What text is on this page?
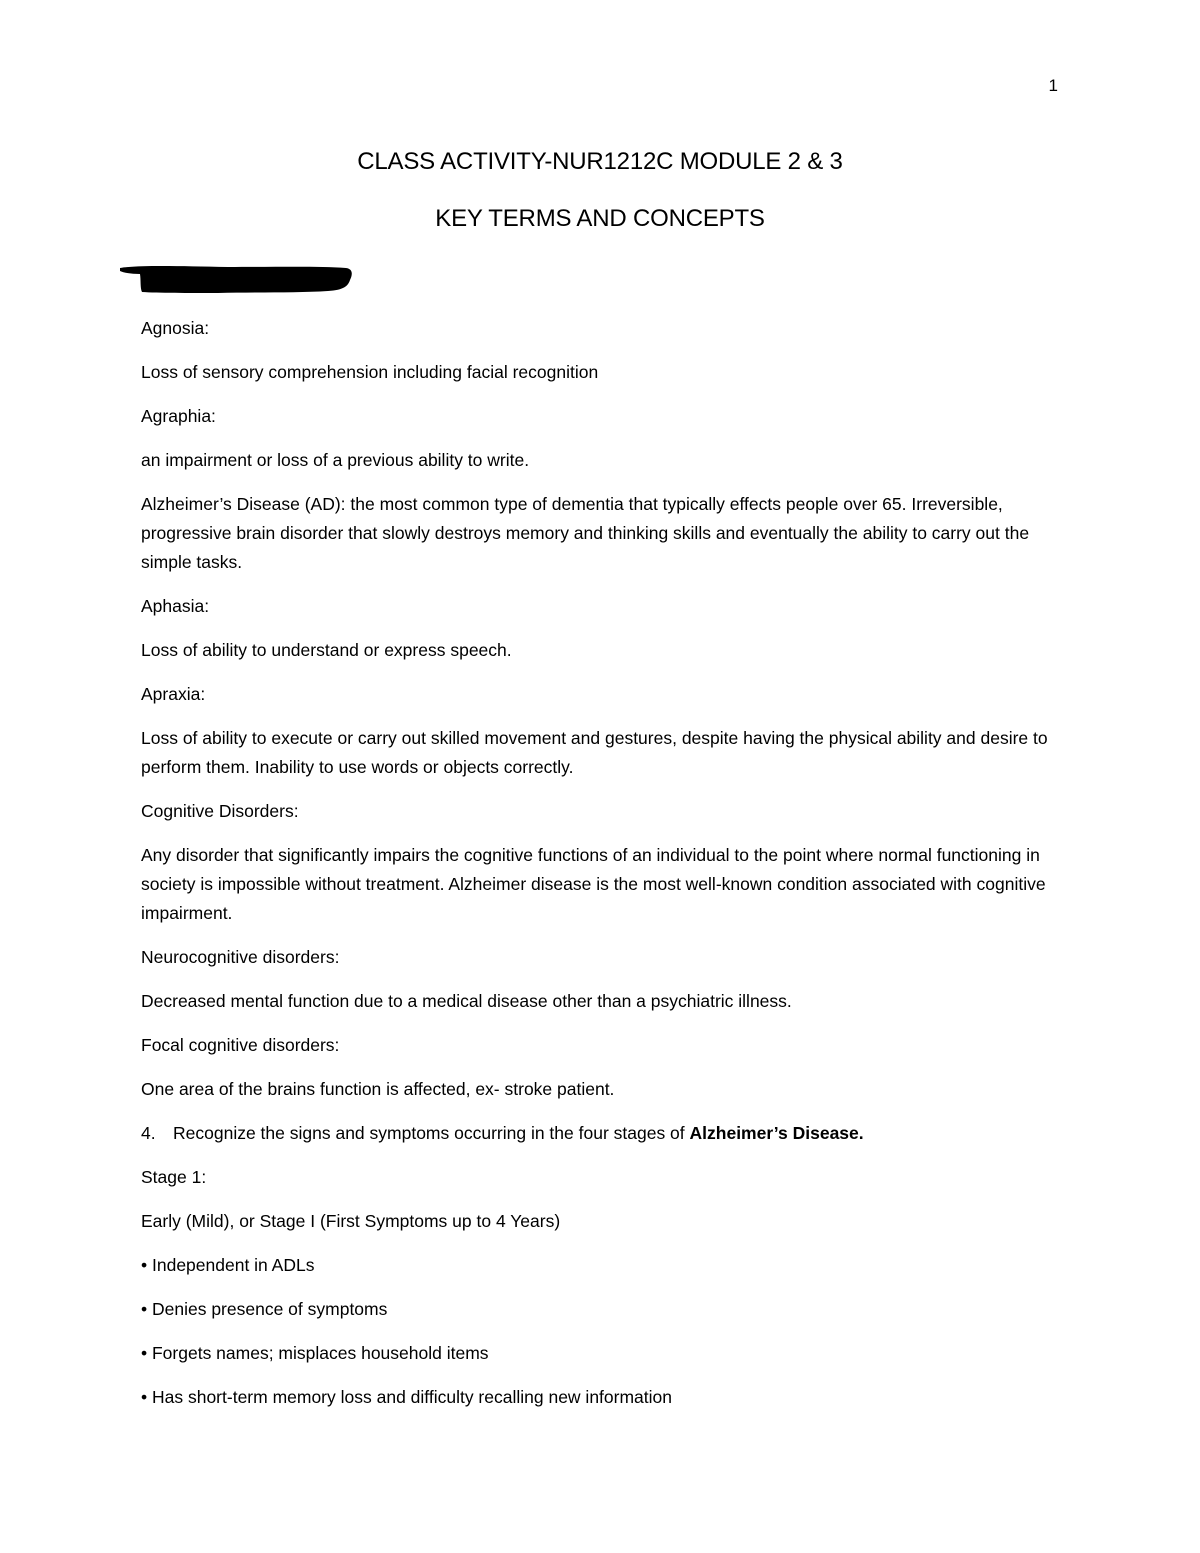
1
CLASS ACTIVITY-NUR1212C MODULE 2 & 3
KEY TERMS AND CONCEPTS

Agnosia:

Loss of sensory comprehension including facial recognition

Agraphia:

an impairment or loss of a previous ability to write.

Alzheimer’s Disease (AD): the most common type of dementia that typically effects people over 65. Irreversible, progressive brain disorder that slowly destroys memory and thinking skills and eventually the ability to carry out the simple tasks.

Aphasia:

Loss of ability to understand or express speech.

Apraxia:

Loss of ability to execute or carry out skilled movement and gestures, despite having the physical ability and desire to perform them. Inability to use words or objects correctly.

Cognitive Disorders:

Any disorder that significantly impairs the cognitive functions of an individual to the point where normal functioning in society is impossible without treatment. Alzheimer disease is the most well-known condition associated with cognitive impairment.

Neurocognitive disorders:

Decreased mental function due to a medical disease other than a psychiatric illness.

Focal cognitive disorders:

One area of the brains function is affected, ex- stroke patient.

4. Recognize the signs and symptoms occurring in the four stages of Alzheimer’s Disease.

Stage 1:

Early (Mild), or Stage I (First Symptoms up to 4 Years)

• Independent in ADLs

• Denies presence of symptoms

• Forgets names; misplaces household items

• Has short-term memory loss and difficulty recalling new information
